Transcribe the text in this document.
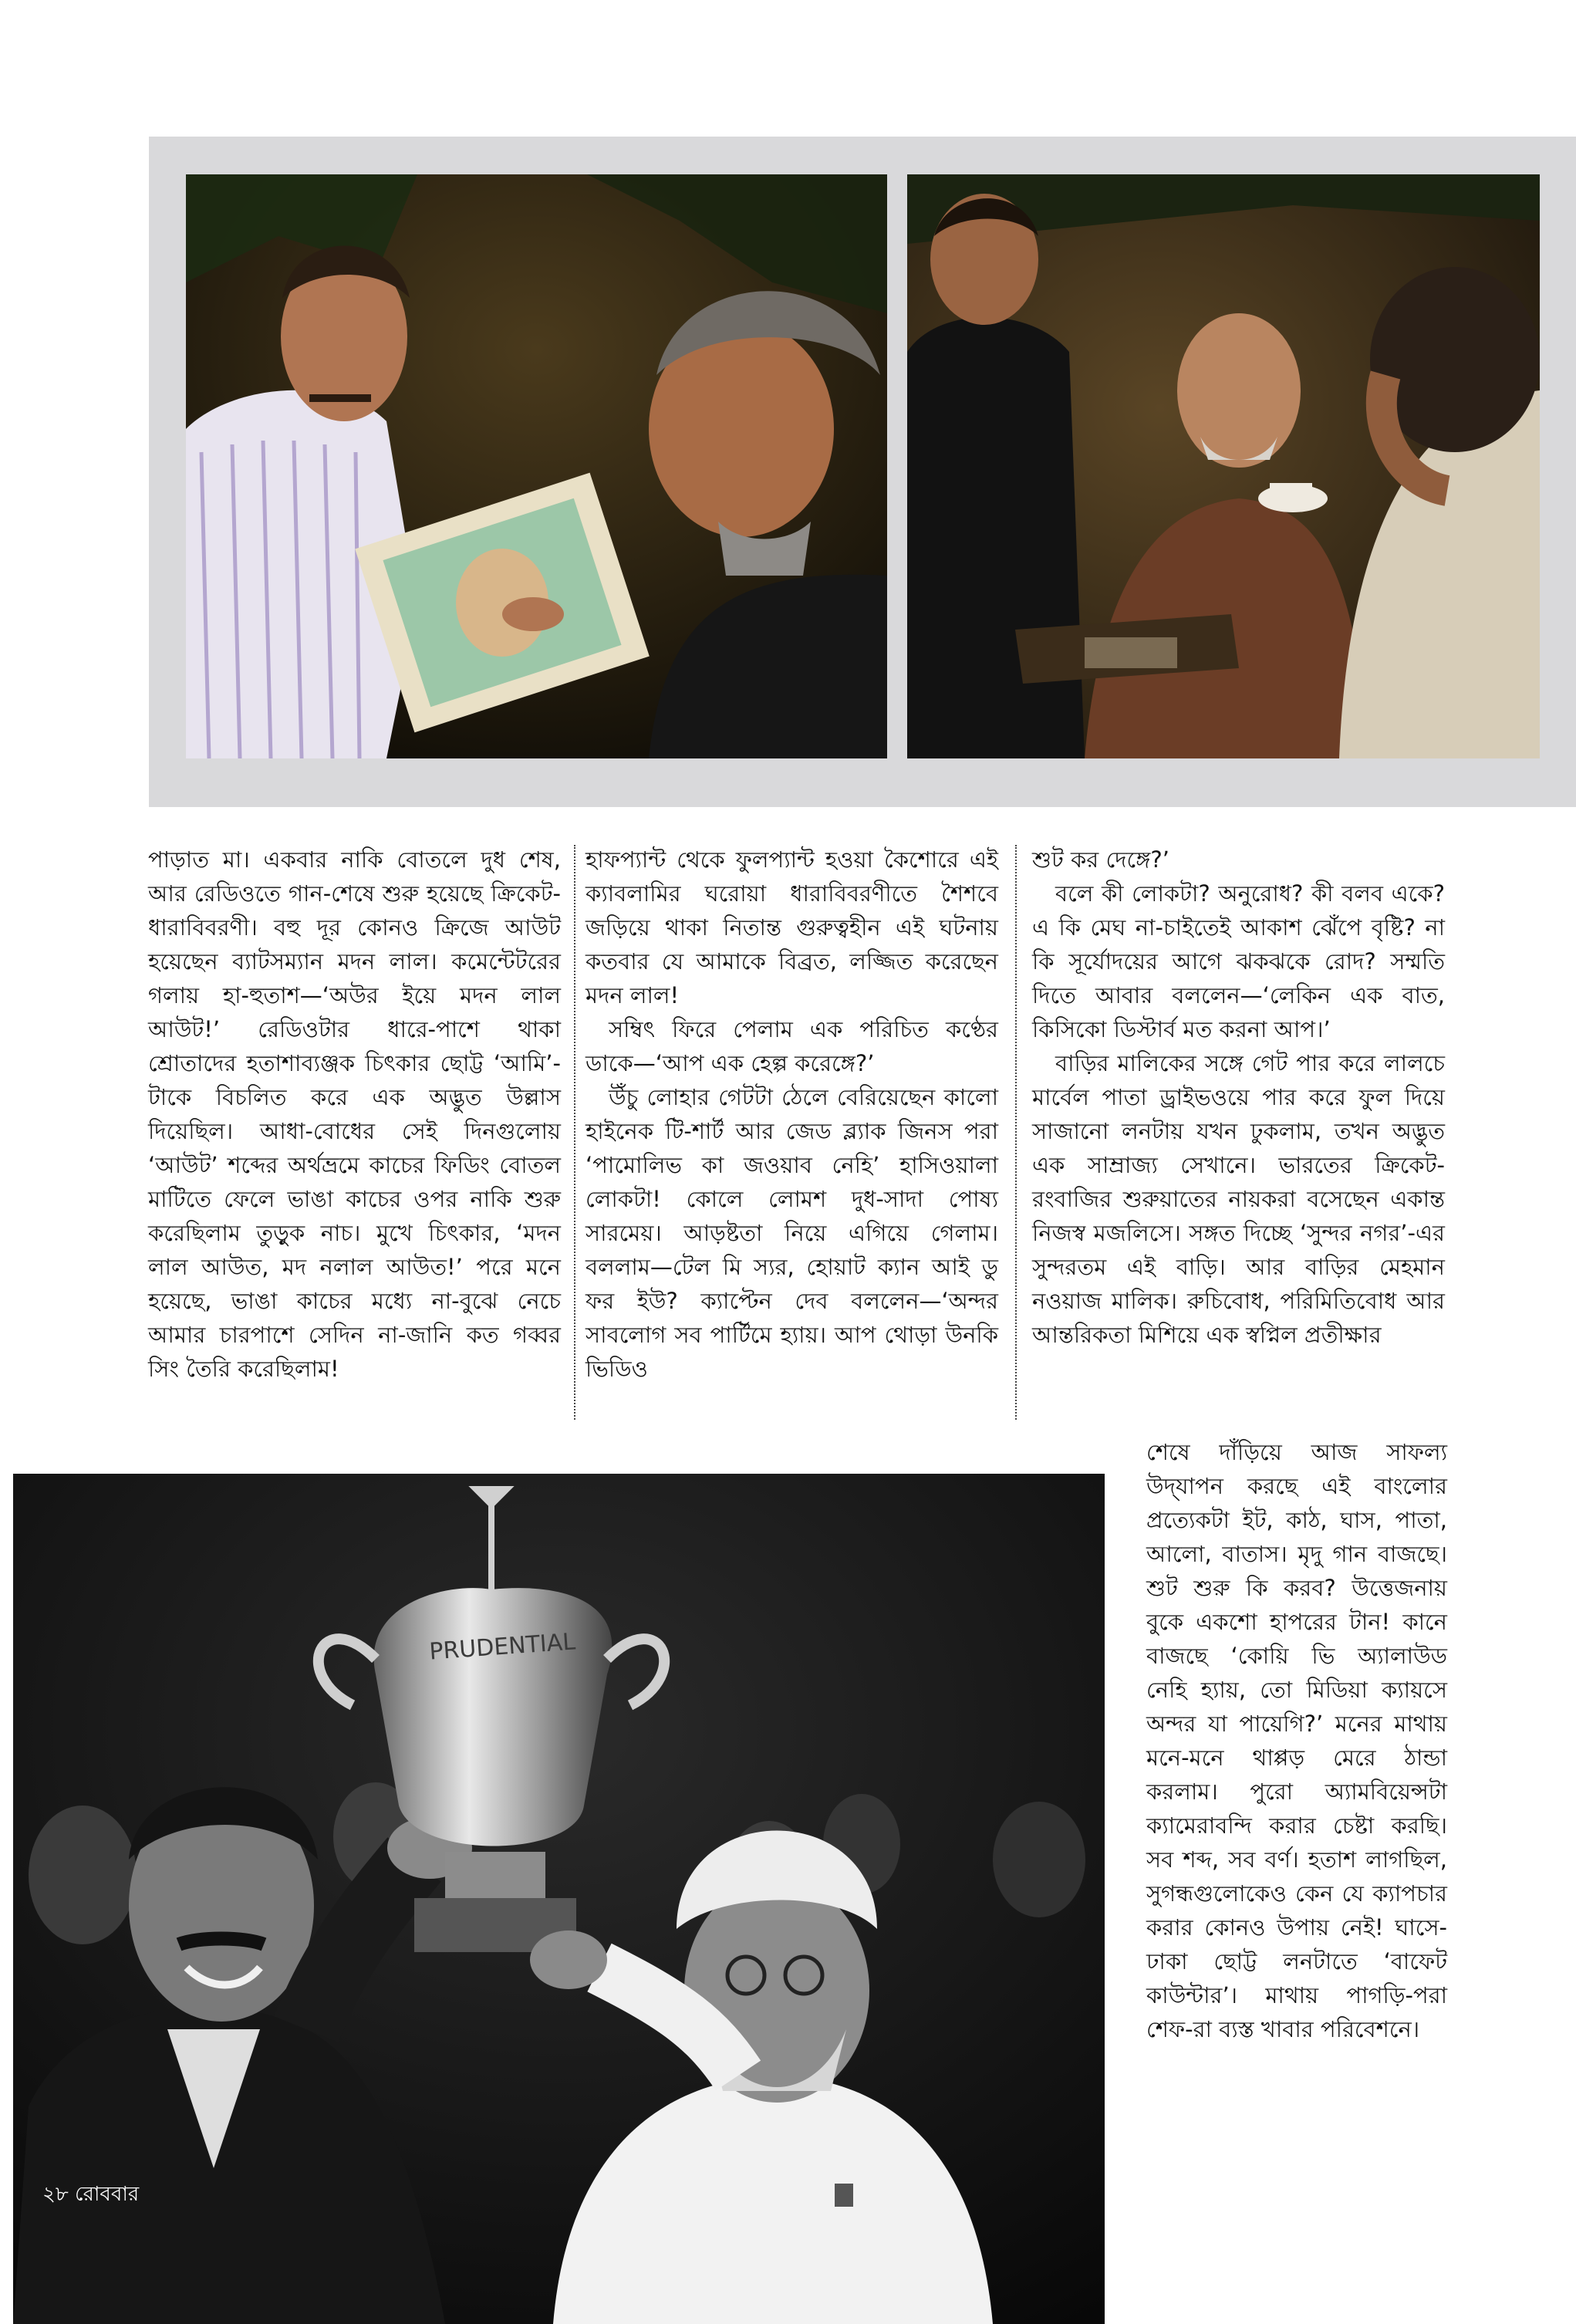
PRUDENTIAL

পাড়াত মা। একবার নাকি বোতলে দুধ শেষ, আর রেডিওতে গান-শেষে শুরু হয়েছে ক্রিকেট-ধারাবিবরণী। বহু দূর কোনও ক্রিজে আউট হয়েছেন ব্যাটসম্যান মদন লাল। কমেন্টেটরের গলায় হা-হুতাশ—‘অউর ইয়ে মদন লাল আউট!’ রেডিওটার ধারে-পাশে থাকা শ্রোতাদের হতাশাব্যঞ্জক চিৎকার ছোট্ট ‘আমি’-টাকে বিচলিত করে এক অদ্ভুত উল্লাস দিয়েছিল। আধা-বোধের সেই দিনগুলোয় ‘আউট’ শব্দের অর্থভ্রমে কাচের ফিডিং বোতল মাটিতে ফেলে ভাঙা কাচের ওপর নাকি শুরু করেছিলাম তুড়ুক নাচ। মুখে চিৎকার, ‘মদন লাল আউত, মদ নলাল আউত!’ পরে মনে হয়েছে, ভাঙা কাচের মধ্যে না-বুঝে নেচে আমার চারপাশে সেদিন না-জানি কত গব্বর সিং তৈরি করেছিলাম!

হাফপ্যান্ট থেকে ফুলপ্যান্ট হওয়া কৈশোরে এই ক্যাবলামির ঘরোয়া ধারাবিবরণীতে শৈশবে জড়িয়ে থাকা নিতান্ত গুরুত্বহীন এই ঘটনায় কতবার যে আমাকে বিব্রত, লজ্জিত করেছেন মদন লাল!

সম্বিৎ ফিরে পেলাম এক পরিচিত কণ্ঠের ডাকে—‘আপ এক হেল্প করেঙ্গে?’

উঁচু লোহার গেটটা ঠেলে বেরিয়েছেন কালো হাইনেক টি-শার্ট আর জেড ব্ল্যাক জিনস পরা ‘পামোলিভ কা জওয়াব নেহি’ হাসিওয়ালা লোকটা! কোলে লোমশ দুধ-সাদা পোষ্য সারমেয়। আড়ষ্টতা নিয়ে এগিয়ে গেলাম। বললাম—টেল মি স্যর, হোয়াট ক্যান আই ডু ফর ইউ? ক্যাপ্টেন দেব বললেন—‘অন্দর সাবলোগ সব পার্টিমে হ্যায়। আপ থোড়া উনকি ভিডিও

শুট কর দেঙ্গে?’

বলে কী লোকটা? অনুরোধ? কী বলব একে? এ কি মেঘ না-চাইতেই আকাশ ঝেঁপে বৃষ্টি? না কি সূর্যোদয়ের আগে ঝকঝকে রোদ? সম্মতি দিতে আবার বললেন—‘লেকিন এক বাত, কিসিকো ডিস্টার্ব মত করনা আপ।’

বাড়ির মালিকের সঙ্গে গেট পার করে লালচে মার্বেল পাতা ড্রাইভওয়ে পার করে ফুল দিয়ে সাজানো লনটায় যখন ঢুকলাম, তখন অদ্ভুত এক সাম্রাজ্য সেখানে। ভারতের ক্রিকেট-রংবাজির শুরুয়াতের নায়করা বসেছেন একান্ত নিজস্ব মজলিসে। সঙ্গত দিচ্ছে ‘সুন্দর নগর’-এর সুন্দরতম এই বাড়ি। আর বাড়ির মেহমান নওয়াজ মালিক। রুচিবোধ, পরিমিতিবোধ আর আন্তরিকতা মিশিয়ে এক স্বপ্নিল প্রতীক্ষার

শেষে দাঁড়িয়ে আজ সাফল্য উদ্‌যাপন করছে এই বাংলোর প্রত্যেকটা ইট, কাঠ, ঘাস, পাতা, আলো, বাতাস। মৃদু গান বাজছে। শুট শুরু কি করব? উত্তেজনায় বুকে একশো হাপরের টান! কানে বাজছে ‘কোয়ি ভি অ্যালাউড নেহি হ্যায়, তো মিডিয়া ক্যায়সে অন্দর যা পায়েগি?’ মনের মাথায় মনে-মনে থাপ্পড় মেরে ঠান্ডা করলাম। পুরো অ্যামবিয়েন্সটা ক্যামেরাবন্দি করার চেষ্টা করছি। সব শব্দ, সব বর্ণ। হতাশ লাগছিল, সুগন্ধগুলোকেও কেন যে ক্যাপচার করার কোনও উপায় নেই! ঘাসে-ঢাকা ছোট্ট লনটাতে ‘বাফেট কাউন্টার’। মাথায় পাগড়ি-পরা শেফ-রা ব্যস্ত খাবার পরিবেশনে।

২৮ রোববার
